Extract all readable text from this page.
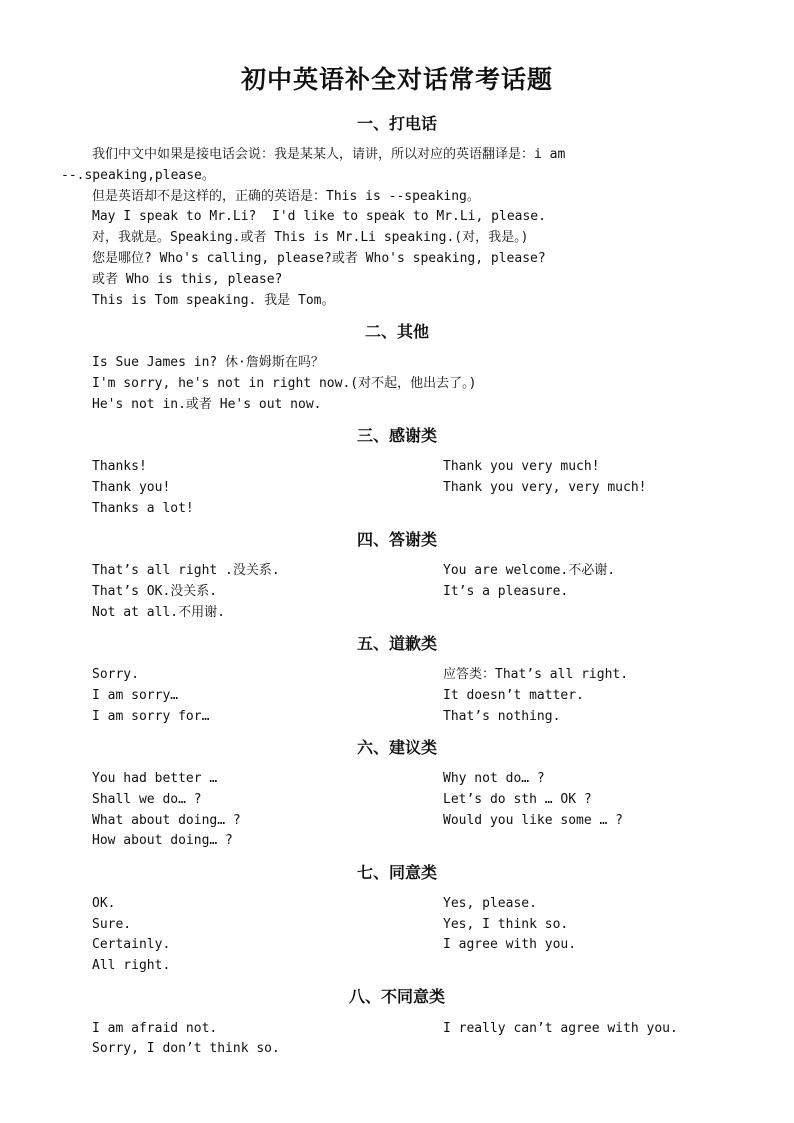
初中英语补全对话常考话题
一、打电话
我们中文中如果是接电话会说：我是某某人，请讲，所以对应的英语翻译是：i am
--.speaking,please。
但是英语却不是这样的，正确的英语是：This is --speaking。
May I speak to Mr.Li?  I'd like to speak to Mr.Li, please.
对，我就是。Speaking.或者 This is Mr.Li speaking.(对，我是。)
您是哪位? Who's calling, please?或者 Who's speaking, please?
或者 Who is this, please?
This is Tom speaking. 我是 Tom。
二、其他
Is Sue James in? 休·詹姆斯在吗？
I'm sorry, he's not in right now.(对不起，他出去了。)
He's not in.或者 He's out now.
三、感谢类
Thanks!
Thank you!
Thanks a lot!
Thank you very much!
Thank you very, very much!
四、答谢类
That’s all right .没关系.
That’s OK.没关系.
Not at all.不用谢.
You are welcome.不必谢.
It’s a pleasure.
五、道歉类
Sorry.
I am sorry…
I am sorry for…
应答类：That’s all right.
It doesn’t matter.
That’s nothing.
六、建议类
You had better …
Shall we do… ?
What about doing… ?
How about doing… ?
Why not do… ?
Let’s do sth … OK ?
Would you like some … ?
七、同意类
OK.
Sure.
Certainly.
All right.
Yes, please.
Yes, I think so.
I agree with you.
八、不同意类
I am afraid not.
Sorry, I don’t think so.
I really can’t agree with you.
